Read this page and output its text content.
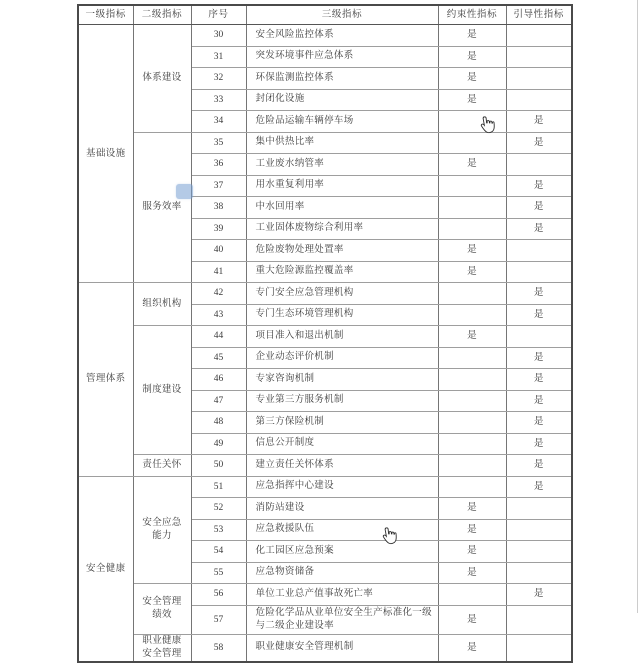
一级指标	二级指标	序号	三级指标	约束性指标	引导性指标
基础设施	体系建设	30	安全风险监控体系	是	
		31	突发环境事件应急体系	是	
		32	环保监测监控体系	是	
		33	封闭化设施	是	
		34	危险品运输车辆停车场		是
	服务效率	35	集中供热比率		是
		36	工业废水纳管率	是	
		37	用水重复利用率		是
		38	中水回用率		是
		39	工业固体废物综合利用率		是
		40	危险废物处理处置率	是	
		41	重大危险源监控覆盖率	是	
管理体系	组织机构	42	专门安全应急管理机构		是
		43	专门生态环境管理机构		是
	制度建设	44	项目准入和退出机制	是	
		45	企业动态评价机制		是
		46	专家咨询机制		是
		47	专业第三方服务机制		是
		48	第三方保险机制		是
		49	信息公开制度		是
	责任关怀	50	建立责任关怀体系		是
安全健康	安全应急能力	51	应急指挥中心建设		是
		52	消防站建设	是	
		53	应急救援队伍	是	
		54	化工园区应急预案	是	
		55	应急物资储备	是	
	安全管理绩效	56	单位工业总产值事故死亡率		是
		57	危险化学品从业单位安全生产标准化一级与二级企业建设率	是	
	职业健康安全管理	58	职业健康安全管理机制	是	
